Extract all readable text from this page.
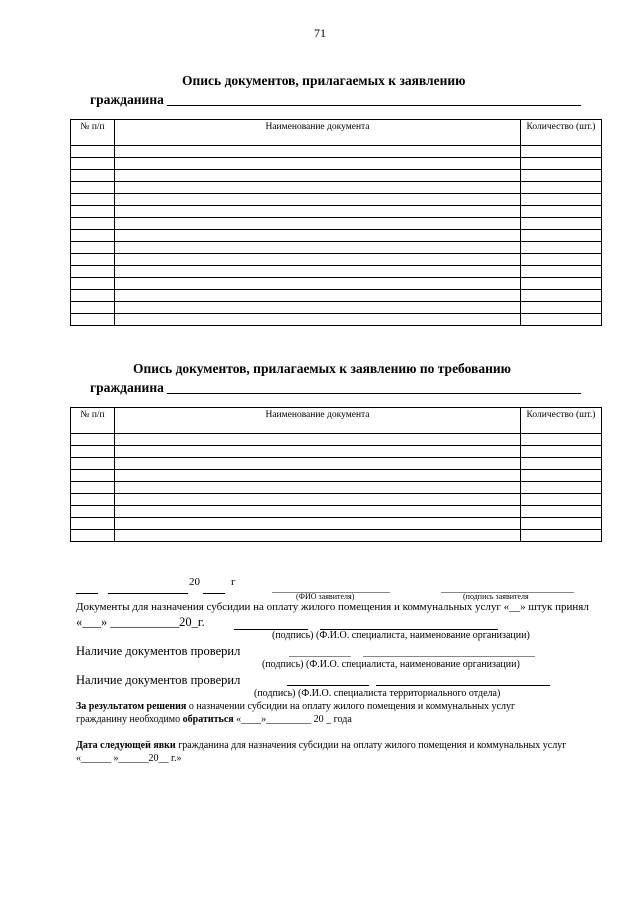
71
Опись документов, прилагаемых к заявлению
гражданина
№ п/п	Наименование документа	Количество (шт.)

Опись документов, прилагаемых к заявлению по требованию
гражданина
№ п/п	Наименование документа	Количество (шт.)

20	г
(ФИО заявителя)	(подпись заявителя
Документы для назначения субсидии на оплату жилого помещения и коммунальных услуг «__» штук принял
«___» ___________20_г.
(подпись) (Ф.И.О. специалиста, наименование организации)
Наличие документов проверил
(подпись) (Ф.И.О. специалиста, наименование организации)
Наличие документов проверил
(подпись) (Ф.И.О. специалиста территориального отдела)
За результатом решения о назначении субсидии на оплату жилого помещения и коммунальных услуг
гражданину необходимо обратиться «____»_________ 20 _ года
Дата следующей явки гражданина для назначения субсидии на оплату жилого помещения и коммунальных услуг
«______ »______20__ г.»
